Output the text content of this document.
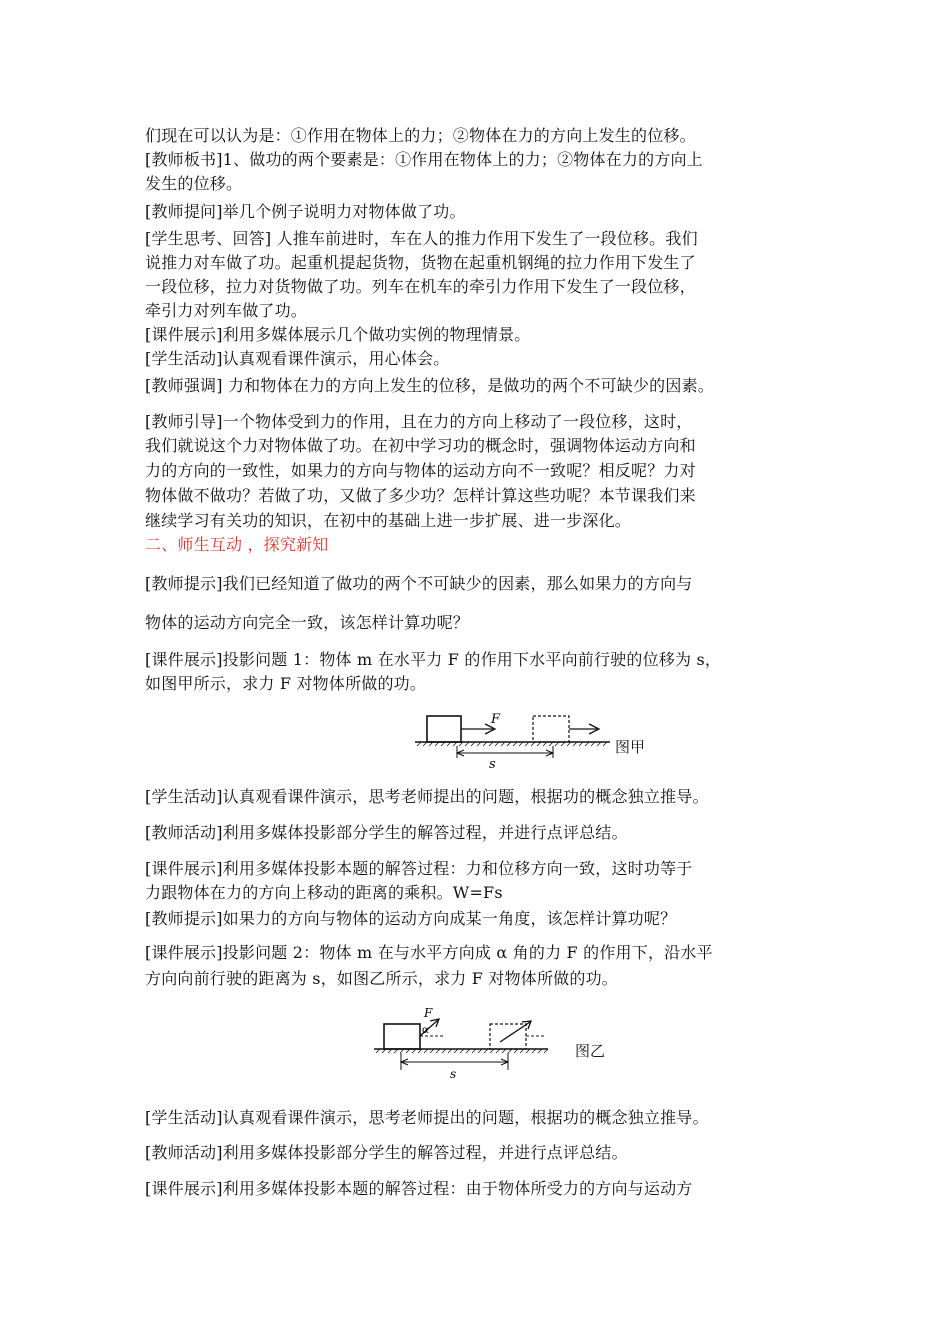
们现在可以认为是：①作用在物体上的力；②物体在力的方向上发生的位移。
[教师板书]1、做功的两个要素是：①作用在物体上的力；②物体在力的方向上
发生的位移。
[教师提问]举几个例子说明力对物体做了功。
[学生思考、回答] 人推车前进时，车在人的推力作用下发生了一段位移。我们
说推力对车做了功。起重机提起货物，货物在起重机钢绳的拉力作用下发生了
一段位移，拉力对货物做了功。列车在机车的牵引力作用下发生了一段位移，
牵引力对列车做了功。
[课件展示]利用多媒体展示几个做功实例的物理情景。
[学生活动]认真观看课件演示，用心体会。
[教师强调] 力和物体在力的方向上发生的位移，是做功的两个不可缺少的因素。
[教师引导]一个物体受到力的作用，且在力的方向上移动了一段位移，这时，
我们就说这个力对物体做了功。在初中学习功的概念时，强调物体运动方向和
力的方向的一致性，如果力的方向与物体的运动方向不一致呢？相反呢？力对
物体做不做功？若做了功，又做了多少功？怎样计算这些功呢？本节课我们来
继续学习有关功的知识，在初中的基础上进一步扩展、进一步深化。
二、师生互动 ，探究新知
[教师提示]我们已经知道了做功的两个不可缺少的因素，那么如果力的方向与
物体的运动方向完全一致，该怎样计算功呢？
[课件展示]投影问题 1：物体 m 在水平力 F 的作用下水平向前行驶的位移为 s，
如图甲所示，求力 F 对物体所做的功。
F
s
图甲
[学生活动]认真观看课件演示，思考老师提出的问题，根据功的概念独立推导。
[教师活动]利用多媒体投影部分学生的解答过程，并进行点评总结。
[课件展示]利用多媒体投影本题的解答过程：力和位移方向一致，这时功等于
力跟物体在力的方向上移动的距离的乘积。W=Fs
[教师提示]如果力的方向与物体的运动方向成某一角度，该怎样计算功呢？
[课件展示]投影问题 2：物体 m 在与水平方向成 α 角的力 F 的作用下，沿水平
方向向前行驶的距离为 s，如图乙所示，求力 F 对物体所做的功。
F
α
s
图乙
[学生活动]认真观看课件演示，思考老师提出的问题，根据功的概念独立推导。
[教师活动]利用多媒体投影部分学生的解答过程，并进行点评总结。
[课件展示]利用多媒体投影本题的解答过程：由于物体所受力的方向与运动方
